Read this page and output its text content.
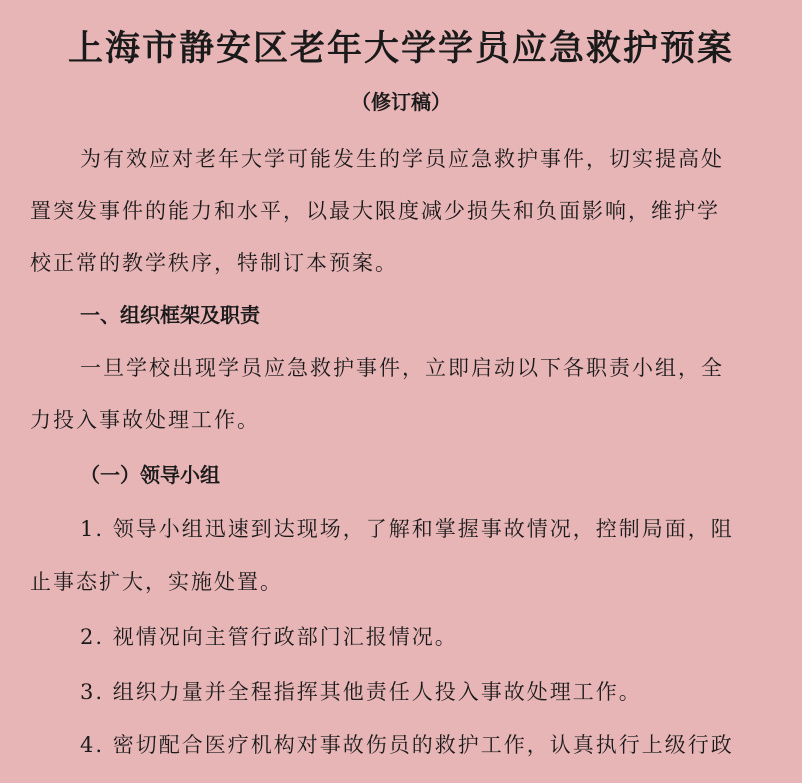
上海市静安区老年大学学员应急救护预案
（修订稿）
为有效应对老年大学可能发生的学员应急救护事件，切实提高处
置突发事件的能力和水平，以最大限度减少损失和负面影响，维护学
校正常的教学秩序，特制订本预案。
一、组织框架及职责
一旦学校出现学员应急救护事件，立即启动以下各职责小组，全
力投入事故处理工作。
（一）领导小组
1. 领导小组迅速到达现场，了解和掌握事故情况，控制局面，阻
止事态扩大，实施处置。
2. 视情况向主管行政部门汇报情况。
3. 组织力量并全程指挥其他责任人投入事故处理工作。
4. 密切配合医疗机构对事故伤员的救护工作，认真执行上级行政
